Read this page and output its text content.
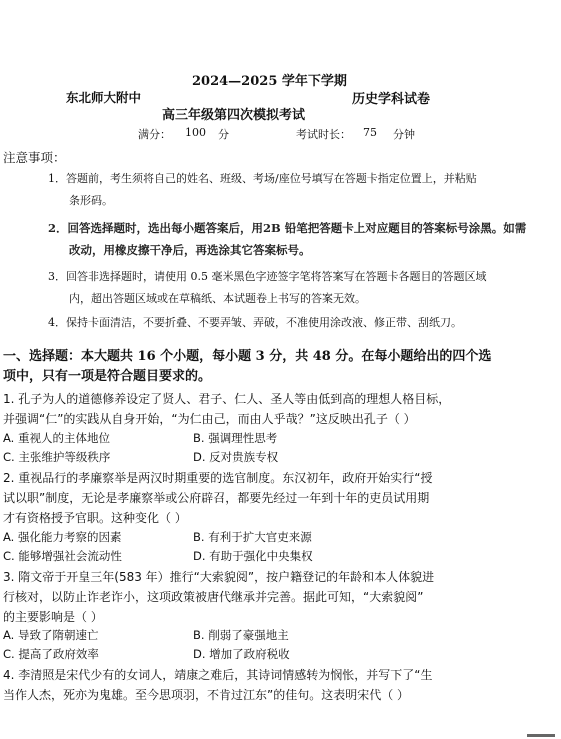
2024—2025 学年下学期
东北师大附中	历史学科试卷
高三年级第四次模拟考试
满分： 100 分	考试时长： 75 分钟
注意事项：
1．答题前，考生须将自己的姓名、班级、考场/座位号填写在答题卡指定位置上，并粘贴
条形码。
2．回答选择题时，选出每小题答案后，用2B 铅笔把答题卡上对应题目的答案标号涂黑。如需
改动，用橡皮擦干净后，再选涂其它答案标号。
3．回答非选择题时，请使用 0.5 毫米黑色字迹签字笔将答案写在答题卡各题目的答题区域
内，超出答题区域或在草稿纸、本试题卷上书写的答案无效。
4．保持卡面清洁，不要折叠、不要弄皱、弄破，不准使用涂改液、修正带、刮纸刀。
一、选择题：本大题共 16 个小题，每小题 3 分，共 48 分。在每小题给出的四个选
项中，只有一项是符合题目要求的。
1. 孔子为人的道德修养设定了贤人、君子、仁人、圣人等由低到高的理想人格目标，
并强调“仁”的实践从自身开始，“为仁由己，而由人乎哉？”这反映出孔子（ ）
A. 重视人的主体地位	B. 强调理性思考
C. 主张维护等级秩序	D. 反对贵族专权
2. 重视品行的孝廉察举是两汉时期重要的选官制度。东汉初年，政府开始实行“授
试以职”制度，无论是孝廉察举或公府辟召，都要先经过一年到十年的吏员试用期
才有资格授予官职。这种变化（ ）
A. 强化能力考察的因素	B. 有利于扩大官吏来源
C. 能够增强社会流动性	D. 有助于强化中央集权
3. 隋文帝于开皇三年(583 年）推行“大索貌阅”，按户籍登记的年龄和本人体貌进
行核对，以防止诈老诈小，这项政策被唐代继承并完善。据此可知，“大索貌阅”
的主要影响是（ ）
A. 导致了隋朝速亡	B. 削弱了豪强地主
C. 提高了政府效率	D. 增加了政府税收
4. 李清照是宋代少有的女词人，靖康之难后，其诗词情感转为悯怅，并写下了“生
当作人杰，死亦为鬼雄。至今思项羽，不肯过江东”的佳句。这表明宋代（ ）
